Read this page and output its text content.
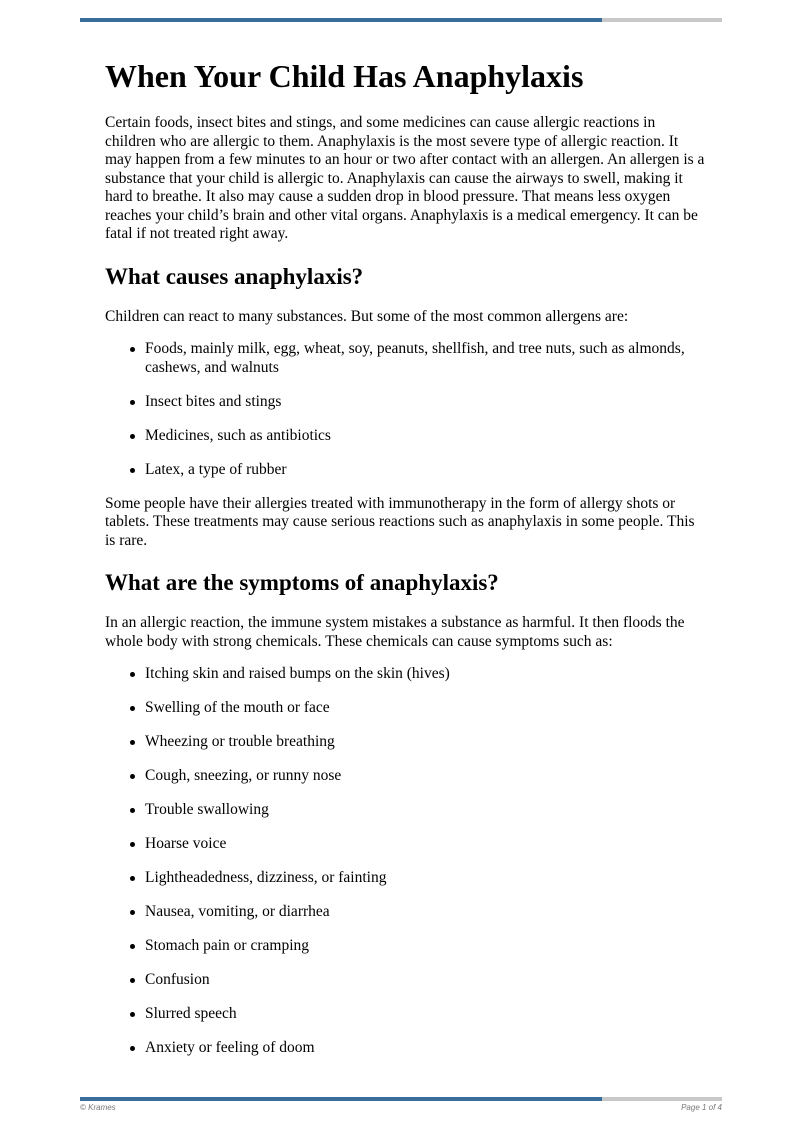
When Your Child Has Anaphylaxis

Certain foods, insect bites and stings, and some medicines can cause allergic reactions in children who are allergic to them. Anaphylaxis is the most severe type of allergic reaction. It may happen from a few minutes to an hour or two after contact with an allergen. An allergen is a substance that your child is allergic to. Anaphylaxis can cause the airways to swell, making it hard to breathe. It also may cause a sudden drop in blood pressure. That means less oxygen reaches your child’s brain and other vital organs. Anaphylaxis is a medical emergency. It can be fatal if not treated right away.

What causes anaphylaxis?

Children can react to many substances. But some of the most common allergens are:

Foods, mainly milk, egg, wheat, soy, peanuts, shellfish, and tree nuts, such as almonds, cashews, and walnuts
Insect bites and stings
Medicines, such as antibiotics
Latex, a type of rubber

Some people have their allergies treated with immunotherapy in the form of allergy shots or tablets. These treatments may cause serious reactions such as anaphylaxis in some people. This is rare.

What are the symptoms of anaphylaxis?

In an allergic reaction, the immune system mistakes a substance as harmful. It then floods the whole body with strong chemicals. These chemicals can cause symptoms such as:

Itching skin and raised bumps on the skin (hives)
Swelling of the mouth or face
Wheezing or trouble breathing
Cough, sneezing, or runny nose
Trouble swallowing
Hoarse voice
Lightheadedness, dizziness, or fainting
Nausea, vomiting, or diarrhea
Stomach pain or cramping
Confusion
Slurred speech
Anxiety or feeling of doom
© Krames	Page 1 of 4
